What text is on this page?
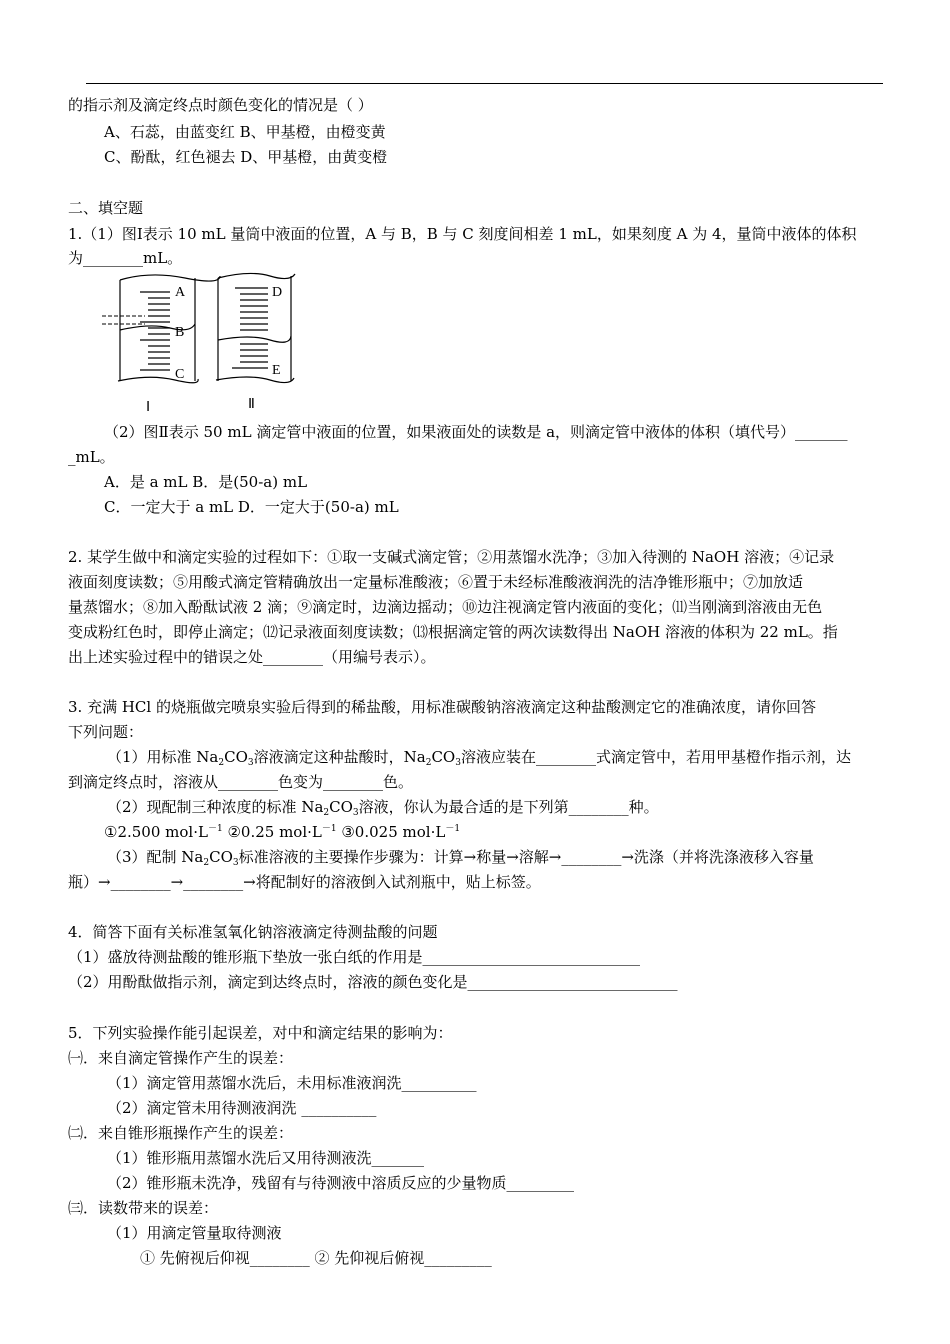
的指示剂及滴定终点时颜色变化的情况是（ ）
A、石蕊，由蓝变红 B、甲基橙，由橙变黄
C、酚酞，红色褪去 D、甲基橙，由黄变橙
二、填空题
1.（1）图Ⅰ表示 10 mL 量筒中液面的位置，A 与 B，B 与 C 刻度间相差 1 mL，如果刻度 A 为 4，量筒中液体的体积
为________mL。
A
B
C
D
E
Ⅰ	Ⅱ
（2）图Ⅱ表示 50 mL 滴定管中液面的位置，如果液面处的读数是 a，则滴定管中液体的体积（填代号）_______
_mL。
A．是 a mL B．是(50-a) mL
C．一定大于 a mL D．一定大于(50-a) mL
2. 某学生做中和滴定实验的过程如下：①取一支碱式滴定管；②用蒸馏水洗净；③加入待测的 NaOH 溶液；④记录
液面刻度读数；⑤用酸式滴定管精确放出一定量标准酸液；⑥置于未经标准酸液润洗的洁净锥形瓶中；⑦加放适
量蒸馏水；⑧加入酚酞试液 2 滴；⑨滴定时，边滴边摇动；⑩边注视滴定管内液面的变化；⑾当刚滴到溶液由无色
变成粉红色时，即停止滴定；⑿记录液面刻度读数；⒀根据滴定管的两次读数得出 NaOH 溶液的体积为 22 mL。指
出上述实验过程中的错误之处________（用编号表示）。
3. 充满 HCl 的烧瓶做完喷泉实验后得到的稀盐酸，用标准碳酸钠溶液滴定这种盐酸测定它的准确浓度，请你回答
下列问题：
（1）用标准 $Na_2CO_3$溶液滴定这种盐酸时，$Na_2CO_3$溶液应装在________式滴定管中，若用甲基橙作指示剂，达
到滴定终点时，溶液从________色变为________色。
（2）现配制三种浓度的标准 $Na_2CO_3$溶液，你认为最合适的是下列第________种。
①2.500 $mol\cdot L^{-1}$ ②0.25 $mol\cdot L^{-1}$ ③0.025 $mol\cdot L^{-1}$
（3）配制 $Na_2CO_3$标准溶液的主要操作步骤为：计算→称量→溶解→________→洗涤（并将洗涤液移入容量
瓶）→________→________→将配制好的溶液倒入试剂瓶中，贴上标签。
4．简答下面有关标准氢氧化钠溶液滴定待测盐酸的问题
（1）盛放待测盐酸的锥形瓶下垫放一张白纸的作用是_____________________________
（2）用酚酞做指示剂，滴定到达终点时，溶液的颜色变化是____________________________
5．下列实验操作能引起误差，对中和滴定结果的影响为：
㈠．来自滴定管操作产生的误差：
（1）滴定管用蒸馏水洗后，未用标准液润洗__________
（2）滴定管未用待测液润洗 __________
㈡．来自锥形瓶操作产生的误差：
（1）锥形瓶用蒸馏水洗后又用待测液洗_______
（2）锥形瓶未洗净，残留有与待测液中溶质反应的少量物质_________
㈢．读数带来的误差：
（1）用滴定管量取待测液
① 先俯视后仰视________ ② 先仰视后俯视_________
